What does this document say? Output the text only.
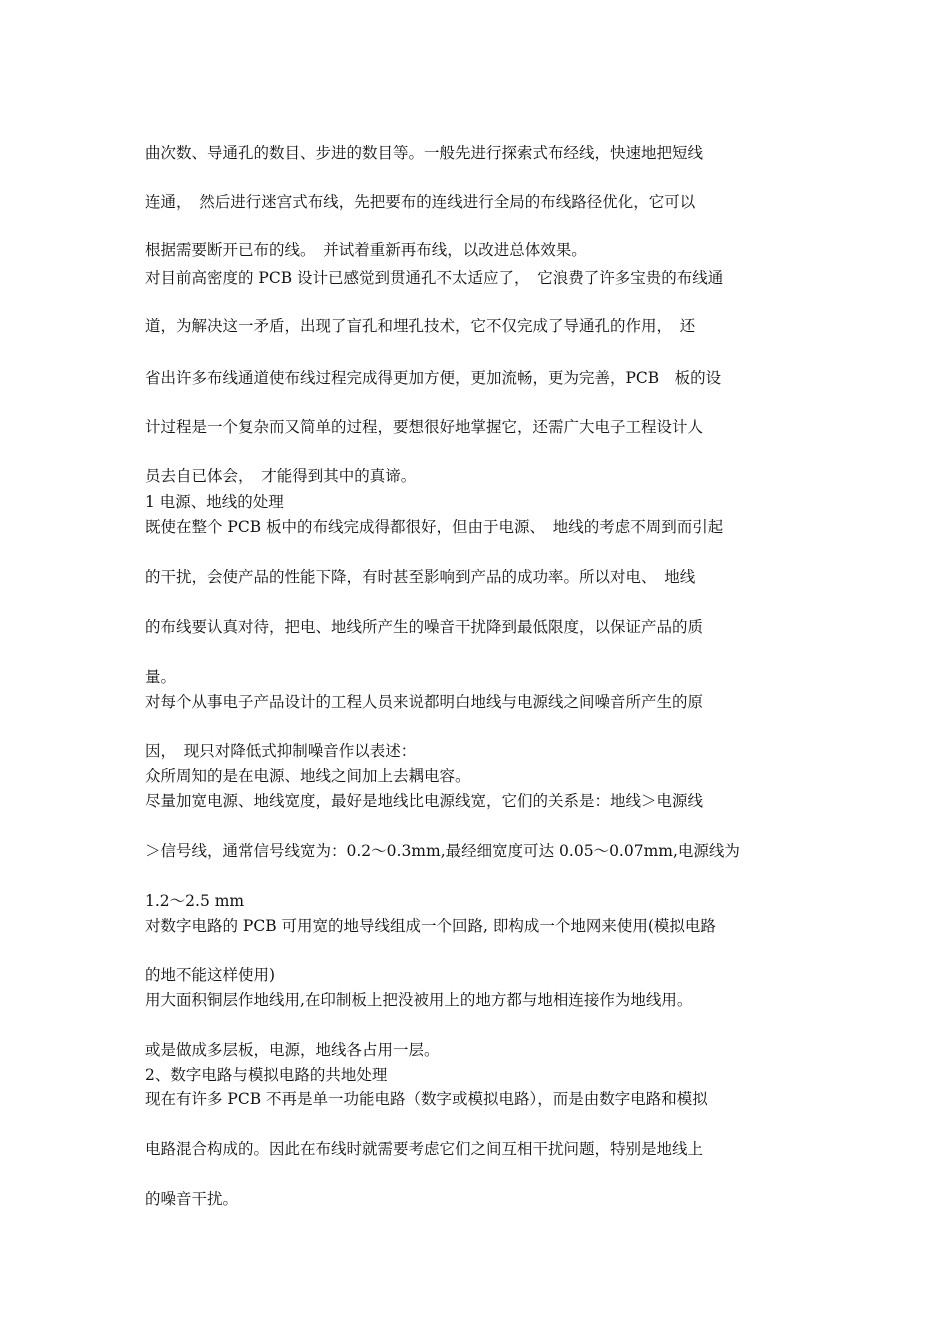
曲次数、导通孔的数目、步进的数目等。一般先进行探索式布经线，快速地把短线

连通，　然后进行迷宫式布线，先把要布的连线进行全局的布线路径优化，它可以

根据需要断开已布的线。　并试着重新再布线，以改进总体效果。

对目前高密度的 PCB 设计已感觉到贯通孔不太适应了，　它浪费了许多宝贵的布线通

道，为解决这一矛盾，出现了盲孔和埋孔技术，它不仅完成了导通孔的作用，　还

省出许多布线通道使布线过程完成得更加方便，更加流畅，更为完善，PCB　板的设

计过程是一个复杂而又简单的过程，要想很好地掌握它，还需广大电子工程设计人

员去自已体会，　才能得到其中的真谛。

1 电源、地线的处理

既使在整个 PCB 板中的布线完成得都很好，但由于电源、　地线的考虑不周到而引起

的干扰，会使产品的性能下降，有时甚至影响到产品的成功率。所以对电、　地线

的布线要认真对待，把电、地线所产生的噪音干扰降到最低限度，以保证产品的质

量。

对每个从事电子产品设计的工程人员来说都明白地线与电源线之间噪音所产生的原

因，　现只对降低式抑制噪音作以表述：

众所周知的是在电源、地线之间加上去耦电容。

尽量加宽电源、地线宽度，最好是地线比电源线宽，它们的关系是：地线＞电源线

＞信号线，通常信号线宽为：0.2～0.3mm,最经细宽度可达 0.05～0.07mm,电源线为

1.2～2.5 mm

对数字电路的 PCB 可用宽的地导线组成一个回路, 即构成一个地网来使用(模拟电路

的地不能这样使用)

用大面积铜层作地线用,在印制板上把没被用上的地方都与地相连接作为地线用。

或是做成多层板，电源，地线各占用一层。

2、数字电路与模拟电路的共地处理

现在有许多 PCB 不再是单一功能电路（数字或模拟电路），而是由数字电路和模拟

电路混合构成的。因此在布线时就需要考虑它们之间互相干扰问题，特别是地线上

的噪音干扰。
